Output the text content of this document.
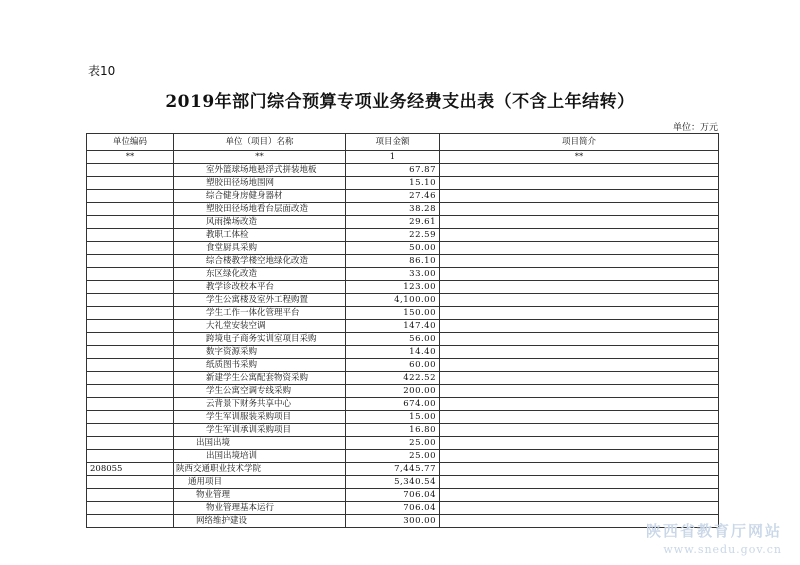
表10
2019年部门综合预算专项业务经费支出表（不含上年结转）
单位：万元
单位编码	单位（项目）名称	项目金额	项目简介
**	**	1	**
	室外篮球场地悬浮式拼装地板	67.87	
	塑胶田径场地围网	15.10	
	综合健身房健身器材	27.46	
	塑胶田径场地看台层面改造	38.28	
	风雨操场改造	29.61	
	教职工体检	22.59	
	食堂厨具采购	50.00	
	综合楼教学楼空地绿化改造	86.10	
	东区绿化改造	33.00	
	教学诊改校本平台	123.00	
	学生公寓楼及室外工程购置	4,100.00	
	学生工作一体化管理平台	150.00	
	大礼堂安装空调	147.40	
	跨境电子商务实训室项目采购	56.00	
	数字资源采购	14.40	
	纸质图书采购	60.00	
	新建学生公寓配套物资采购	422.52	
	学生公寓空调专线采购	200.00	
	云背景下财务共享中心	674.00	
	学生军训服装采购项目	15.00	
	学生军训承训采购项目	16.80	
	出国出境	25.00	
	出国出境培训	25.00	
208055	陕西交通职业技术学院	7,445.77	
	通用项目	5,340.54	
	物业管理	706.04	
	物业管理基本运行	706.04	
	网络维护建设	300.00	
陕西省教育厅网站
www.snedu.gov.cn
